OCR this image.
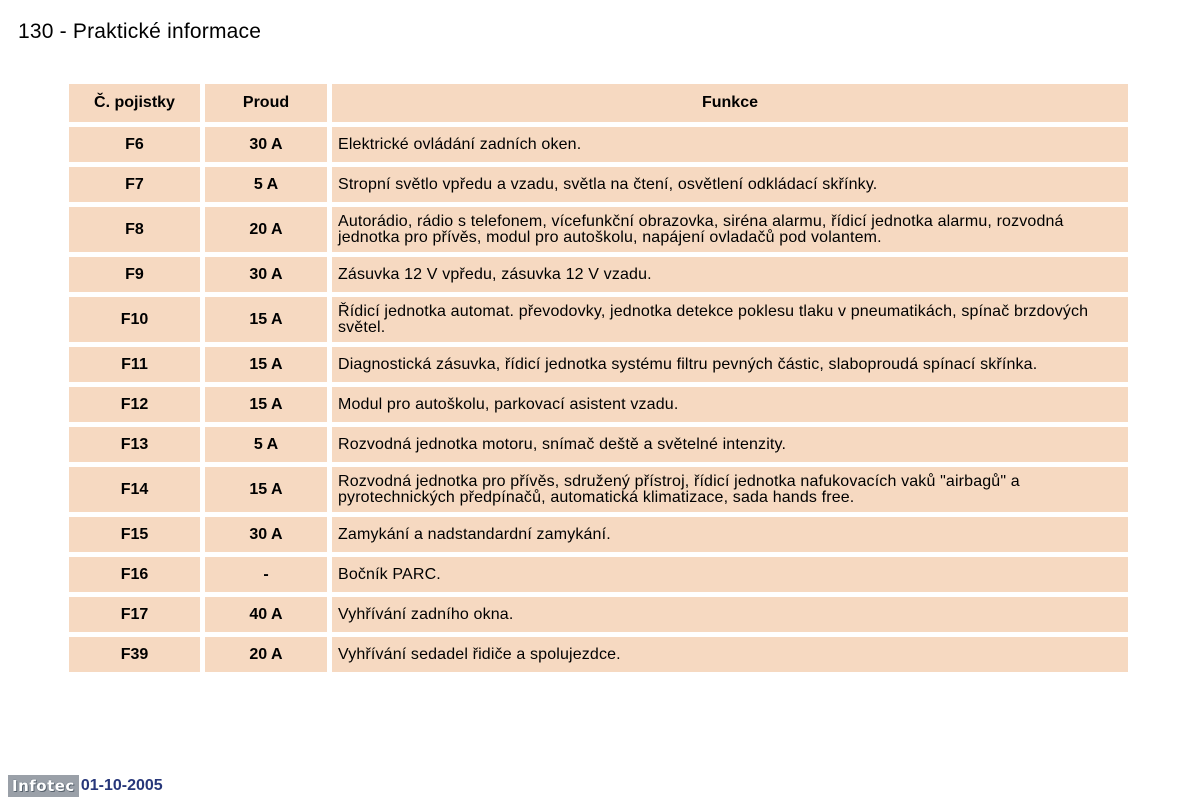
130 - Praktické informace
Č. pojistky	Proud	Funkce
F6	30 A	Elektrické ovládání zadních oken.
F7	5 A	Stropní světlo vpředu a vzadu, světla na čtení, osvětlení odkládací skřínky.
F8	20 A	Autorádio, rádio s telefonem, vícefunkční obrazovka, siréna alarmu, řídicí jednotka alarmu, rozvodná jednotka pro přívěs, modul pro autoškolu, napájení ovladačů pod volantem.
F9	30 A	Zásuvka 12 V vpředu, zásuvka 12 V vzadu.
F10	15 A	Řídicí jednotka automat. převodovky, jednotka detekce poklesu tlaku v pneumatikách, spínač brzdových světel.
F11	15 A	Diagnostická zásuvka, řídicí jednotka systému filtru pevných částic, slaboproudá spínací skřínka.
F12	15 A	Modul pro autoškolu, parkovací asistent vzadu.
F13	5 A	Rozvodná jednotka motoru, snímač deště a světelné intenzity.
F14	15 A	Rozvodná jednotka pro přívěs, sdružený přístroj, řídicí jednotka nafukovacích vaků "airbagů" a pyrotechnických předpínačů, automatická klimatizace, sada hands free.
F15	30 A	Zamykání a nadstandardní zamykání.
F16	-	Bočník PARC.
F17	40 A	Vyhřívání zadního okna.
F39	20 A	Vyhřívání sedadel řidiče a spolujezdce.
Infotec 01-10-2005
